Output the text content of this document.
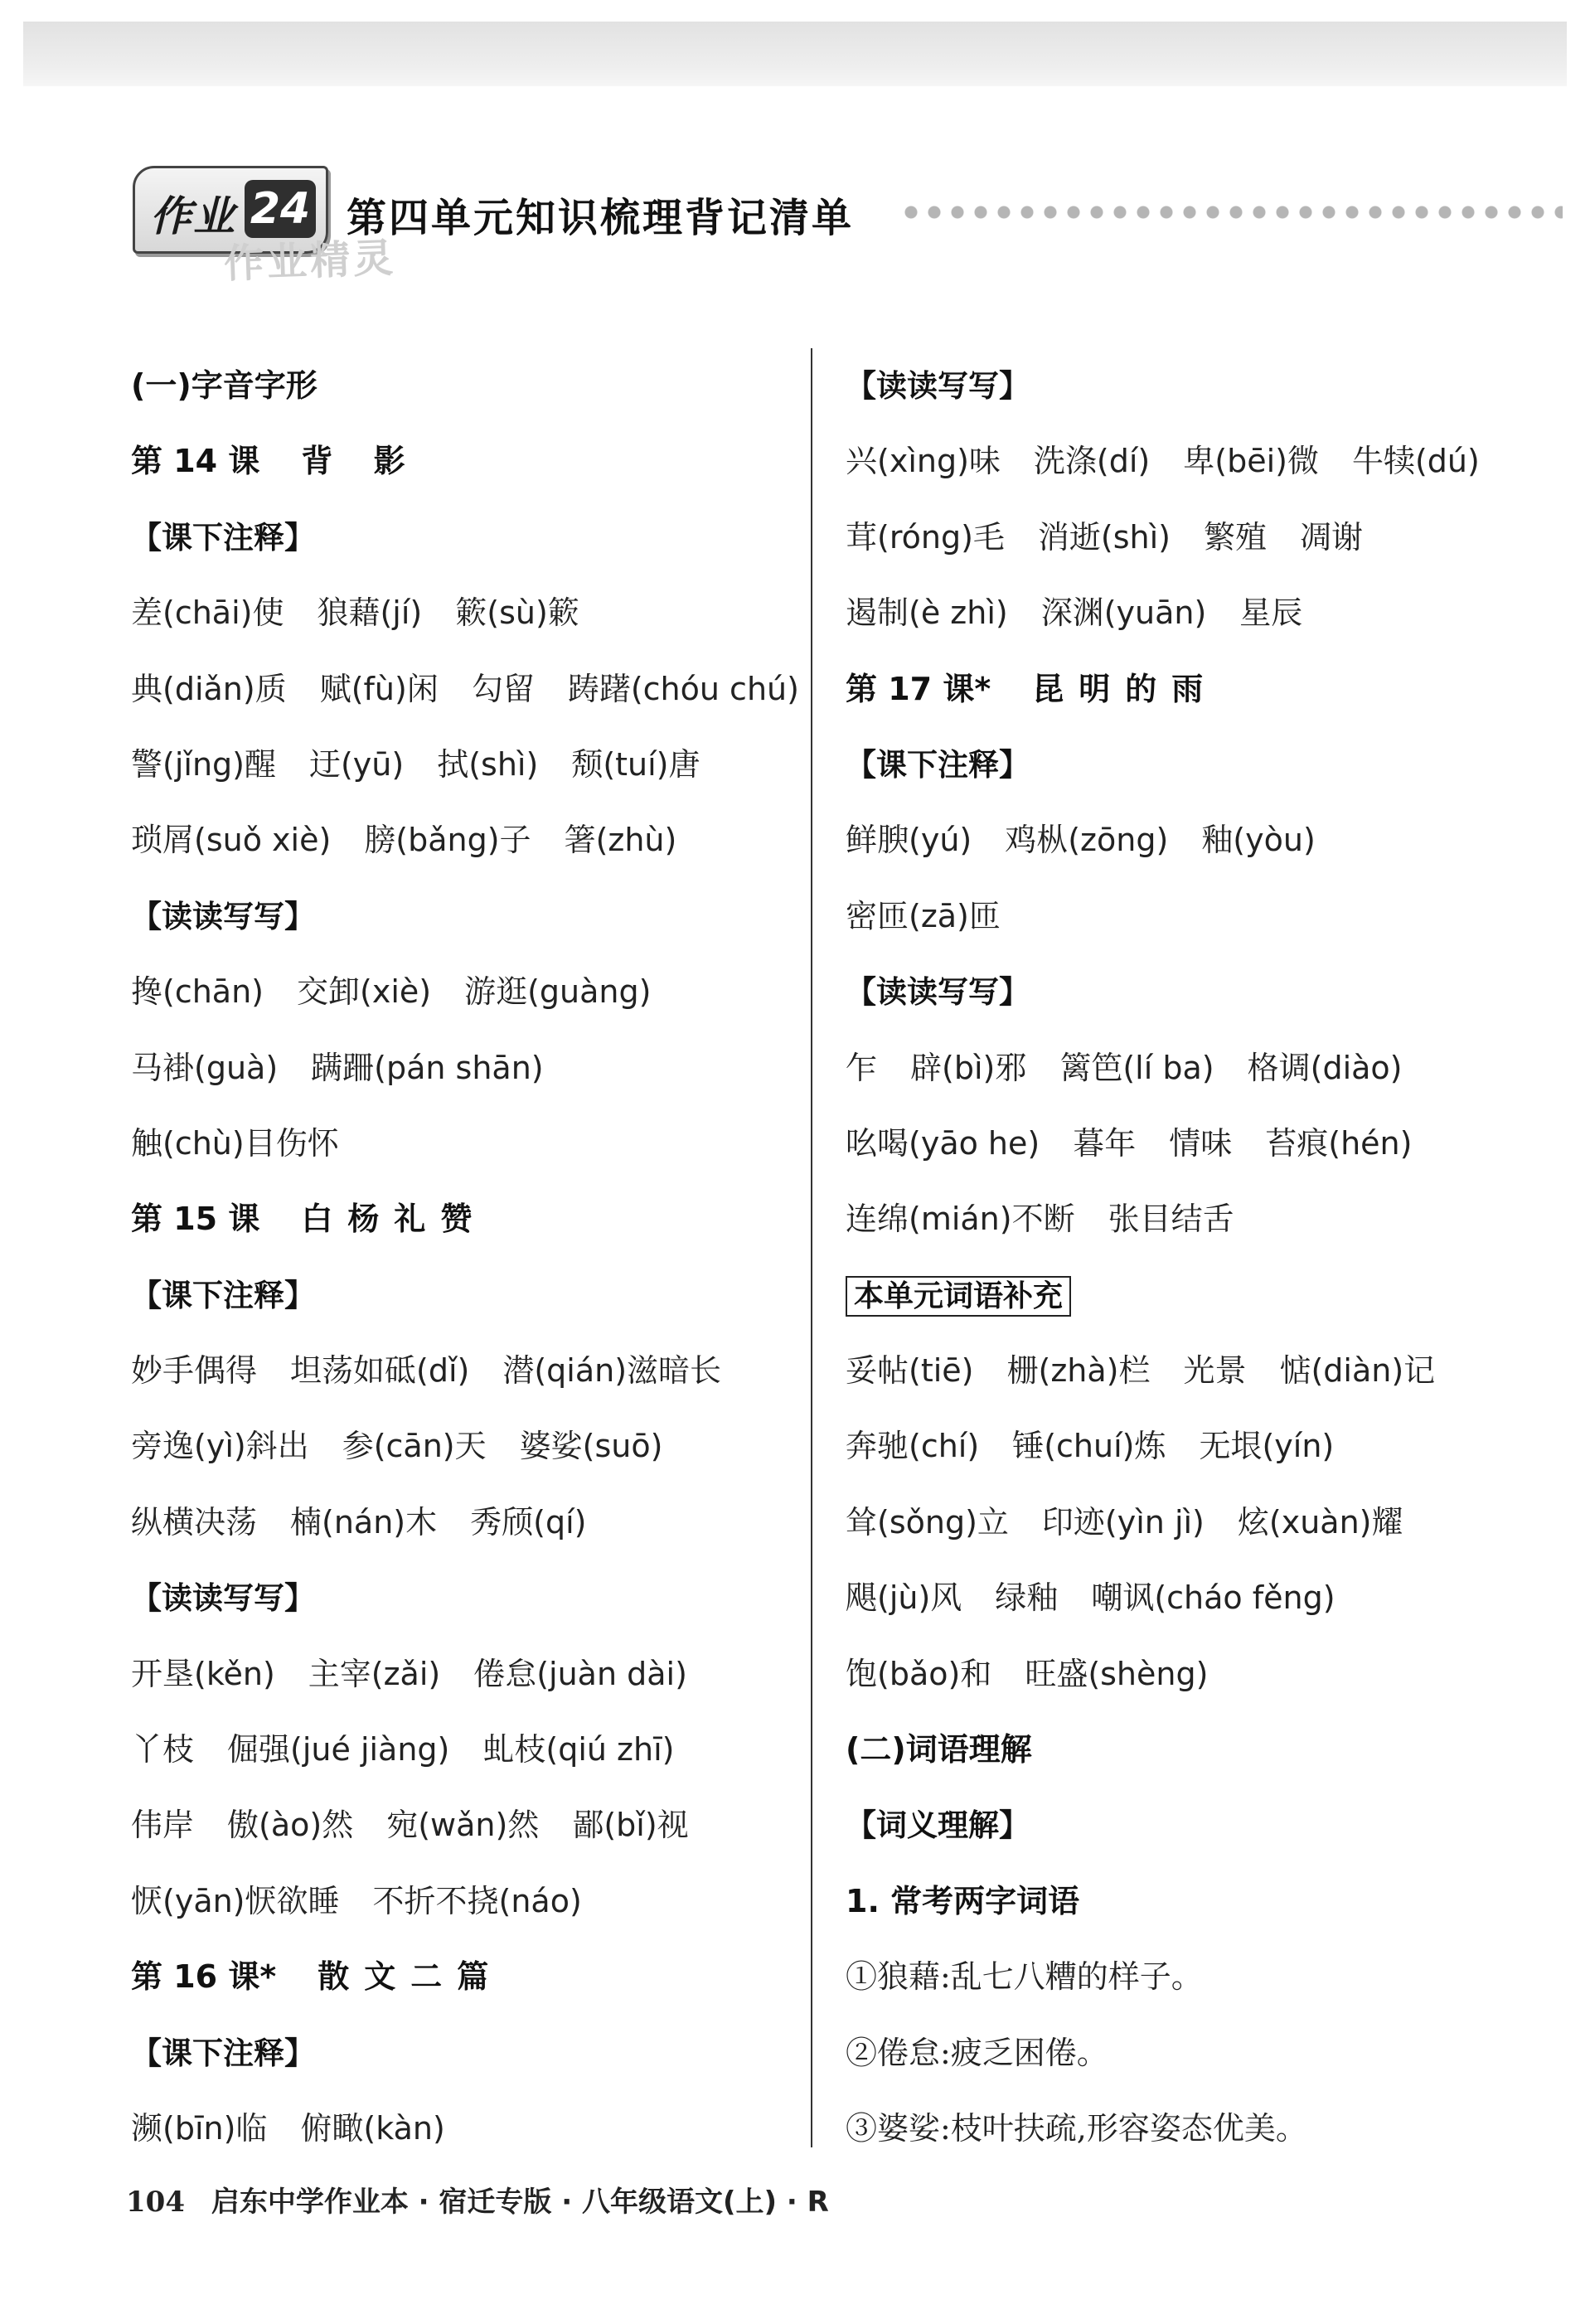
作业 24
作业精灵
第四单元知识梳理背记清单
(一)字音字形
第 14 课 背 影
【课下注释】
差(chāi)使 狼藉(jí) 簌(sù)簌
典(diǎn)质 赋(fù)闲 勾留 踌躇(chóu chú)
警(jǐng)醒 迂(yū) 拭(shì) 颓(tuí)唐
琐屑(suǒ xiè) 膀(bǎng)子 箸(zhù)
【读读写写】
搀(chān) 交卸(xiè) 游逛(guàng)
马褂(guà) 蹒跚(pán shān)
触(chù)目伤怀
第 15 课 白杨礼赞
【课下注释】
妙手偶得 坦荡如砥(dǐ) 潜(qián)滋暗长
旁逸(yì)斜出 参(cān)天 婆娑(suō)
纵横决荡 楠(nán)木 秀颀(qí)
【读读写写】
开垦(kěn) 主宰(zǎi) 倦怠(juàn dài)
丫枝 倔强(jué jiàng) 虬枝(qiú zhī)
伟岸 傲(ào)然 宛(wǎn)然 鄙(bǐ)视
恹(yān)恹欲睡 不折不挠(náo)
第 16 课* 散文二篇
【课下注释】
濒(bīn)临 俯瞰(kàn)
【读读写写】
兴(xìng)味 洗涤(dí) 卑(bēi)微 牛犊(dú)
茸(róng)毛 消逝(shì) 繁殖 凋谢
遏制(è zhì) 深渊(yuān) 星辰
第 17 课* 昆明的雨
【课下注释】
鲜腴(yú) 鸡枞(zōng) 釉(yòu)
密匝(zā)匝
【读读写写】
乍 辟(bì)邪 篱笆(lí ba) 格调(diào)
吆喝(yāo he) 暮年 情味 苔痕(hén)
连绵(mián)不断 张目结舌
本单元词语补充
妥帖(tiē) 栅(zhà)栏 光景 惦(diàn)记
奔驰(chí) 锤(chuí)炼 无垠(yín)
耸(sǒng)立 印迹(yìn jì) 炫(xuàn)耀
飓(jù)风 绿釉 嘲讽(cháo fěng)
饱(bǎo)和 旺盛(shèng)
(二)词语理解
【词义理解】
1. 常考两字词语
①狼藉:乱七八糟的样子。
②倦怠:疲乏困倦。
③婆娑:枝叶扶疏,形容姿态优美。
104 启东中学作业本 · 宿迁专版 · 八年级语文(上) · R
